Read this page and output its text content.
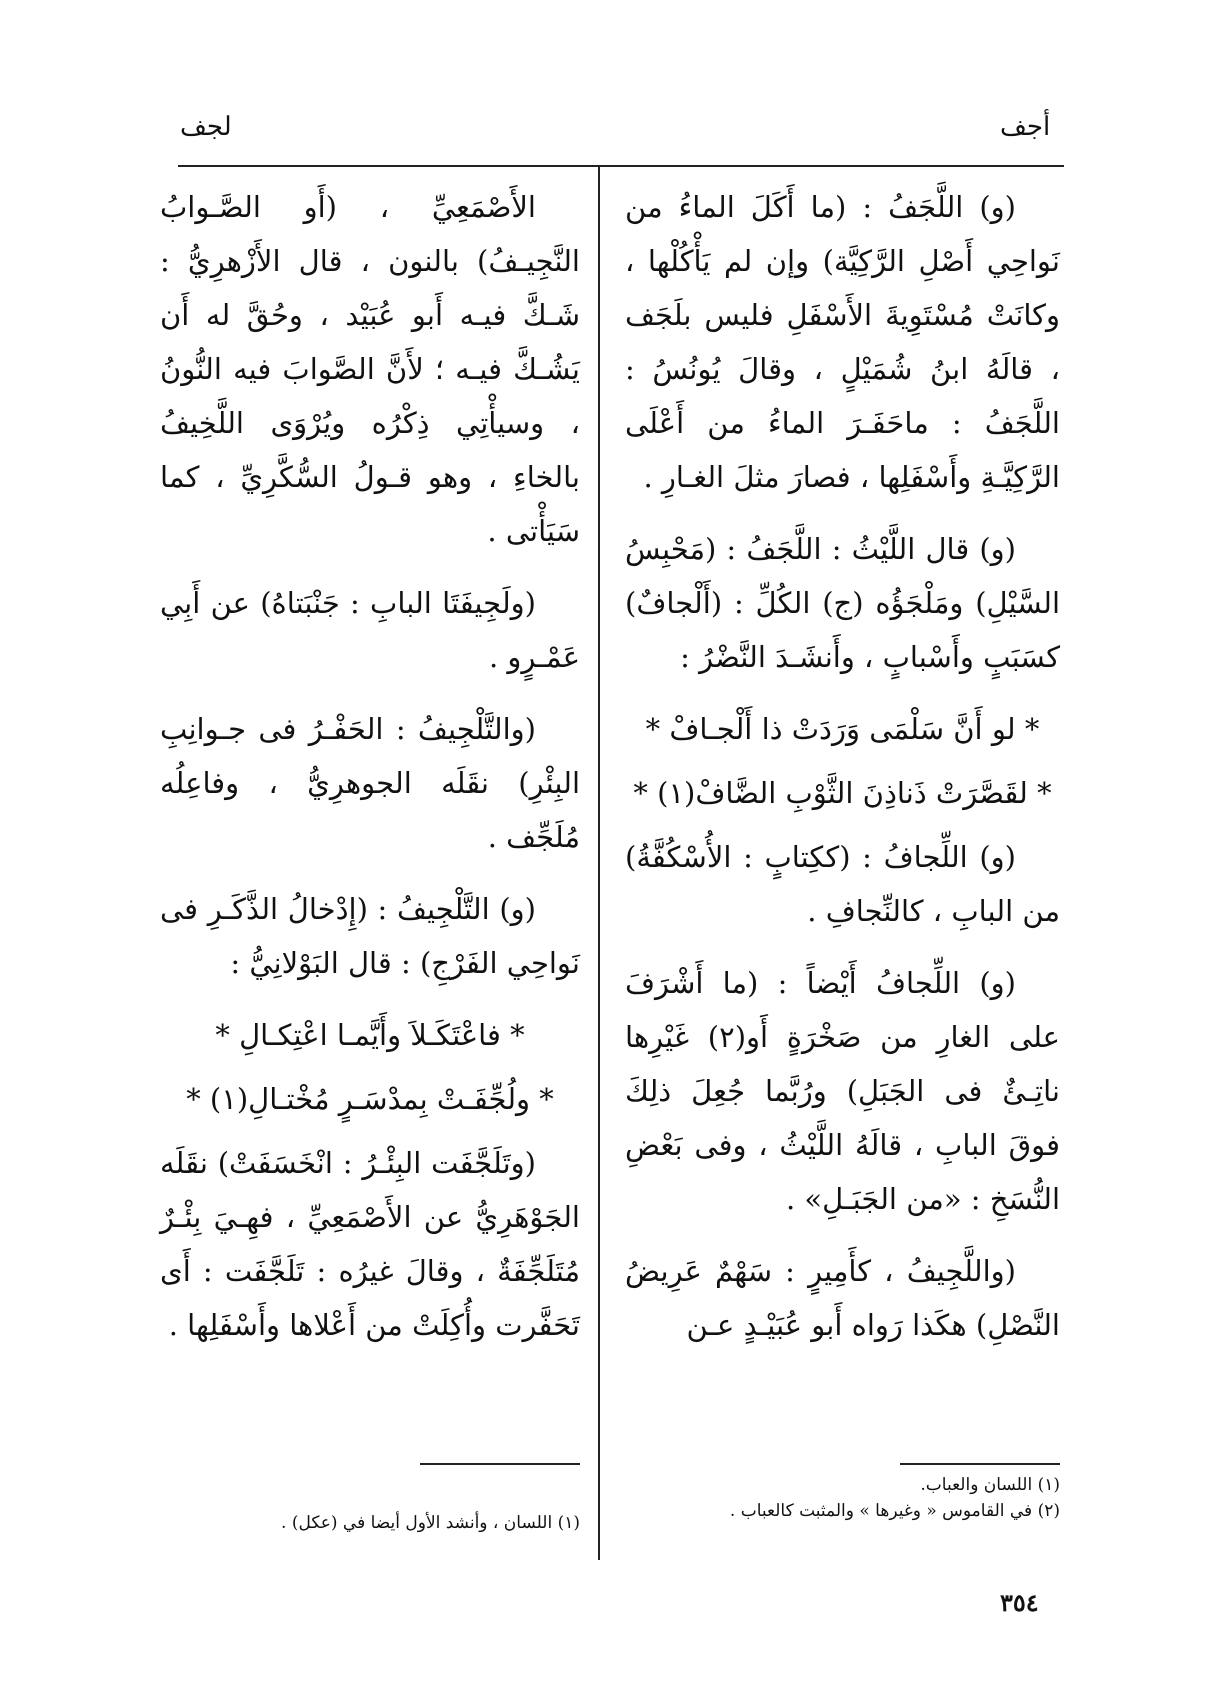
أجف
لجف

(و) اللَّجَفُ : (ما أَكَلَ الماءُ من نَواحِي أَصْلِ الرَّكِيَّة) وإن لم يَأْكُلْها ، وكانَتْ مُسْتَوِيةَ الأَسْفَلِ فليس بلَجَف ، قالَهُ ابنُ شُمَيْلٍ ، وقالَ يُونُسُ : اللَّجَفُ : ماحَفَـرَ الماءُ من أَعْلَى الرَّكِيَّـةِ وأَسْفَلِها ، فصارَ مثلَ الغـارِ .

(و) قال اللَّيْثُ : اللَّجَفُ : (مَحْبِسُ السَّيْلِ) ومَلْجَؤُه (ج) الكُلِّ : (أَلْجافٌ) كسَبَبٍ وأَسْبابٍ ، وأَنشَـدَ النَّضْرُ :

* لو أَنَّ سَلْمَى وَرَدَتْ ذا أَلْجـافْ *

* لقَصَّرَتْ ذَناذِنَ الثَّوْبِ الضَّافْ(١) *

(و) اللِّجافُ : (ككِتابٍ : الأُسْكُفَّةُ) من البابِ ، كالنِّجافِ .

(و) اللِّجافُ أَيْضاً : (ما أَشْرَفَ على الغارِ من صَخْرَةٍ أَو(٢) غَيْرِها ناتِـئٌ فى الجَبَلِ) ورُبَّما جُعِلَ ذلِكَ فوقَ البابِ ، قالَهُ اللَّيْثُ ، وفى بَعْضِ النُّسَخِ : «من الجَبَـلِ» .

(واللَّجِيفُ ، كأَمِيرٍ : سَهْمٌ عَرِيضُ النَّصْلِ) هكَذا رَواه أَبو عُبَيْـدٍ عـن

(١) اللسان والعباب.
(٢) في القاموس « وغيرها » والمثبت كالعباب .

الأَصْمَعِيِّ ، (أَو الصَّـوابُ النَّجِيـفُ) بالنون ، قال الأَزْهرِيُّ : شَـكَّ فيـه أَبو عُبَيْد ، وحُقَّ له أَن يَشُـكَّ فيـه ؛ لأَنَّ الصَّوابَ فيه النُّونُ ، وسيأْتِي ذِكْرُه ويُرْوَى اللَّخِيفُ بالخاءِ ، وهو قـولُ السُّكَّرِيِّ ، كما سَيَأْتى .

(ولَجِيفَتَا البابِ : جَنْبَتاهُ) عن أَبِي عَمْـرٍو .

(والتَّلْجِيفُ : الحَفْـرُ فى جـوانِبِ البِئْرِ) نقَلَه الجوهرِيُّ ، وفاعِلُه مُلَجِّف .

(و) التَّلْجِيفُ : (إِدْخالُ الذَّكَـرِ فى نَواحِي الفَرْجِ) : قال البَوْلانِيُّ :

* فاعْتَكَـلاَ وأَيَّمـا اعْتِكـالِ *

* ولُجِّفَـتْ بِمدْسَـرٍ مُخْتـالِ(١) *

(وتَلَجَّفَت البِئْـرُ : انْخَسَفَتْ) نقَلَه الجَوْهَرِيُّ عن الأَصْمَعِيِّ ، فهِـيَ بِئْـرٌ مُتَلَجِّفَةٌ ، وقالَ غيرُه : تَلَجَّفَت : أَى تَحَفَّرت وأُكِلَتْ من أَعْلاها وأَسْفَلِها .

(١) اللسان ، وأنشد الأول أيضا في (عكل) .
٣٥٤
